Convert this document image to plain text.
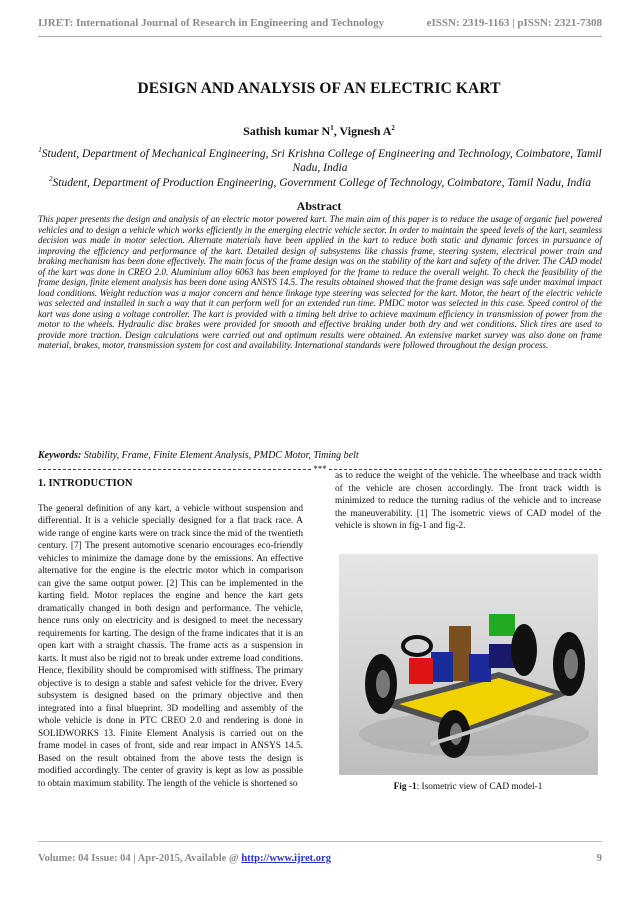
IJRET: International Journal of Research in Engineering and Technology	eISSN: 2319-1163 | pISSN: 2321-7308
DESIGN AND ANALYSIS OF AN ELECTRIC KART
Sathish kumar $N^1$, Vignesh $A^2$
$^1$Student, Department of Mechanical Engineering, Sri Krishna College of Engineering and Technology, Coimbatore, Tamil Nadu, India
$^2$Student, Department of Production Engineering, Government College of Technology, Coimbatore, Tamil Nadu, India
Abstract
This paper presents the design and analysis of an electric motor powered kart. The main aim of this paper is to reduce the usage of organic fuel powered vehicles and to design a vehicle which works efficiently in the emerging electric vehicle sector. In order to maintain the speed levels of the kart, seamless decision was made in motor selection. Alternate materials have been applied in the kart to reduce both static and dynamic forces in pursuance of improving the efficiency and performance of the kart. Detailed design of subsystems like chassis frame, steering system, electrical power train and braking mechanism has been done effectively. The main focus of the frame design was on the stability of the kart and safety of the driver. The CAD model of the kart was done in CREO 2.0. Aluminium alloy 6063 has been employed for the frame to reduce the overall weight. To check the feasibility of the frame design, finite element analysis has been done using ANSYS 14.5. The results obtained showed that the frame design was safe under maximal impact load conditions. Weight reduction was a major concern and hence linkage type steering was selected for the kart. Motor, the heart of the electric vehicle was selected and installed in such a way that it can perform well for an extended run time. PMDC motor was selected in this case. Speed control of the kart was done using a voltage controller. The kart is provided with a timing belt drive to achieve maximum efficiency in transmission of power from the motor to the wheels. Hydraulic disc brakes were provided for smooth and effective braking under both dry and wet conditions. Slick tires are used to provide more traction. Design calculations were carried out and optimum results were obtained. An extensive market survey was also done on frame material, brakes, motor, transmission system for cost and availability. International standards were followed throughout the design process.
Keywords: Stability, Frame, Finite Element Analysis, PMDC Motor, Timing belt
***
1. INTRODUCTION

The general definition of any kart, a vehicle without suspension and differential. It is a vehicle specially designed for a flat track race. A wide range of engine karts were on track since the mid of the twentieth century. [7] The present automotive scenario encourages eco-friendly vehicles to minimize the damage done by the emissions. An effective alternative for the engine is the electric motor which in comparison can give the same output power. [2] This can be implemented in the karting field. Motor replaces the engine and hence the kart gets dramatically changed in both design and performance. The vehicle, hence runs only on electricity and is designed to meet the necessary requirements for karting. The design of the frame indicates that it is an open kart with a straight chassis. The frame acts as a suspension in karts. It must also be rigid not to break under extreme load conditions. Hence, flexibility should be compromised with stiffness. The primary objective is to design a stable and safest vehicle for the driver. Every subsystem is designed based on the primary objective and then integrated into a final blueprint. 3D modelling and assembly of the whole vehicle is done in PTC CREO 2.0 and rendering is done in SOLIDWORKS 13. Finite Element Analysis is carried out on the frame model in cases of front, side and rear impact in ANSYS 14.5. Based on the result obtained from the above tests the design is modified accordingly. The center of gravity is kept as low as possible to obtain maximum stability. The length of the vehicle is shortened so

as to reduce the weight of the vehicle. The wheelbase and track width of the vehicle are chosen accordingly. The front track width is minimized to reduce the turning radius of the vehicle and to increase the maneuverability. [1] The isometric views of CAD model of the vehicle is shown in fig-1 and fig-2.

Fig -1: Isometric view of CAD model-1
Volume: 04 Issue: 04 | Apr-2015, Available @ http://www.ijret.org	9
